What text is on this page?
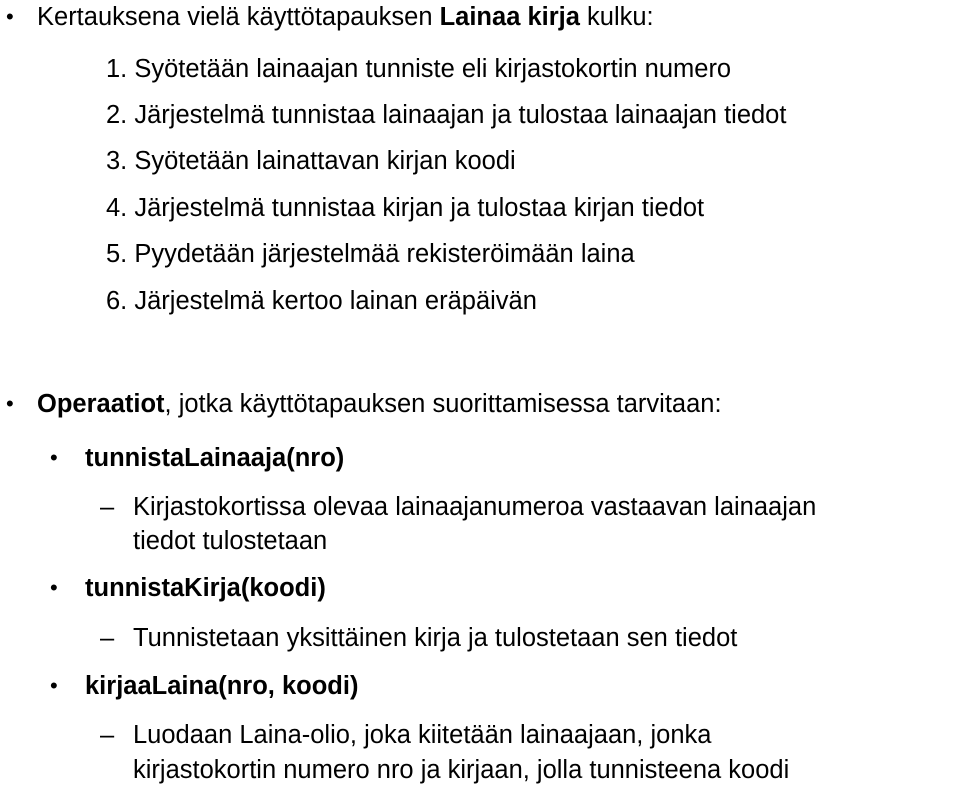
• Kertauksena vielä käyttötapauksen Lainaa kirja kulku:
1. Syötetään lainaajan tunniste eli kirjastokortin numero
2. Järjestelmä tunnistaa lainaajan ja tulostaa lainaajan tiedot
3. Syötetään lainattavan kirjan koodi
4. Järjestelmä tunnistaa kirjan ja tulostaa kirjan tiedot
5. Pyydetään järjestelmää rekisteröimään laina
6. Järjestelmä kertoo lainan eräpäivän
• Operaatiot, jotka käyttötapauksen suorittamisessa tarvitaan:
• tunnistaLainaaja(nro)
– Kirjastokortissa olevaa lainaajanumeroa vastaavan lainaajan
tiedot tulostetaan
• tunnistaKirja(koodi)
– Tunnistetaan yksittäinen kirja ja tulostetaan sen tiedot
• kirjaaLaina(nro, koodi)
– Luodaan Laina-olio, joka kiitetään lainaajaan, jonka
kirjastokortin numero nro ja kirjaan, jolla tunnisteena koodi
